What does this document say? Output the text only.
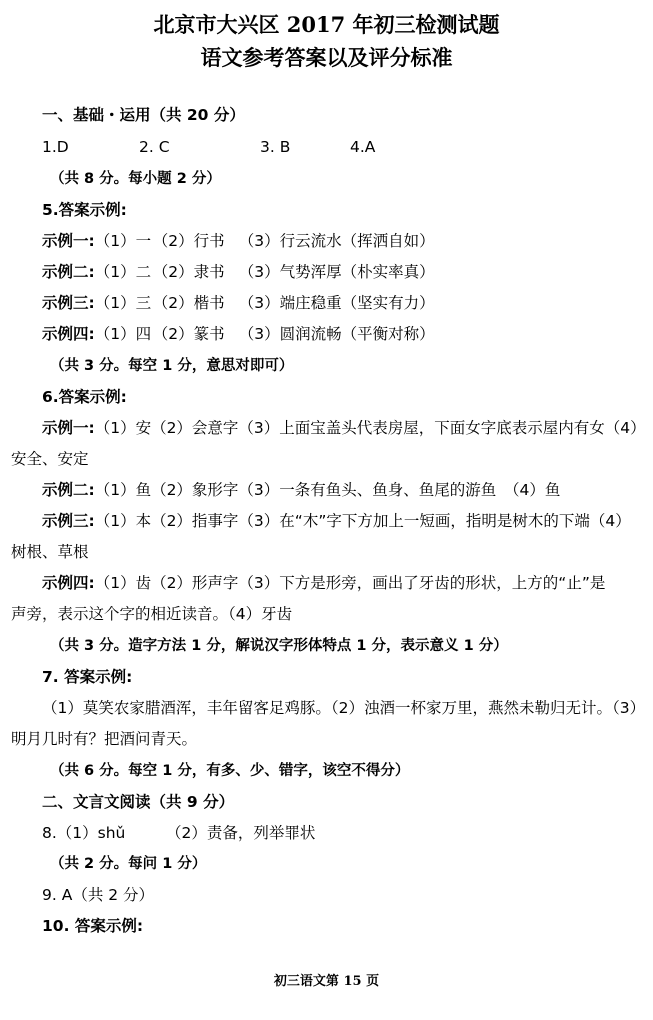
北京市大兴区 2017 年初三检测试题
语文参考答案以及评分标准
一、基础・运用（共 20 分）
1.D	2. C	3. B	4.A
（共 8 分。每小题 2 分）
5.答案示例:
示例一:（1）一 （2）行书 （3）行云流水（挥洒自如）
示例二:（1）二 （2）隶书 （3）气势浑厚（朴实率真）
示例三:（1）三 （2）楷书 （3）端庄稳重（坚实有力）
示例四:（1）四 （2）篆书 （3）圆润流畅（平衡对称）
（共 3 分。每空 1 分，意思对即可）
6.答案示例:
示例一:（1）安（2）会意字（3）上面宝盖头代表房屋，下面女字底表示屋内有女（4）
安全、安定
示例二:（1）鱼（2）象形字（3）一条有鱼头、鱼身、鱼尾的游鱼　（4）鱼
示例三:（1）本（2）指事字（3）在“木”字下方加上一短画，指明是树木的下端（4）
树根、草根
示例四:（1）齿（2）形声字（3）下方是形旁，画出了牙齿的形状，上方的“止”是
声旁，表示这个字的相近读音。（4）牙齿
（共 3 分。造字方法 1 分，解说汉字形体特点 1 分，表示意义 1 分）
7. 答案示例:
（1）莫笑农家腊酒浑，丰年留客足鸡豚。（2）浊酒一杯家万里，燕然未勒归无计。（3）
明月几时有？把酒问青天。
（共 6 分。每空 1 分，有多、少、错字，该空不得分）
二、文言文阅读（共 9 分）
8.（1）shǔ	（2）责备，列举罪状
（共 2 分。每问 1 分）
9. A（共 2 分）
10. 答案示例:
初三语文第 15 页
